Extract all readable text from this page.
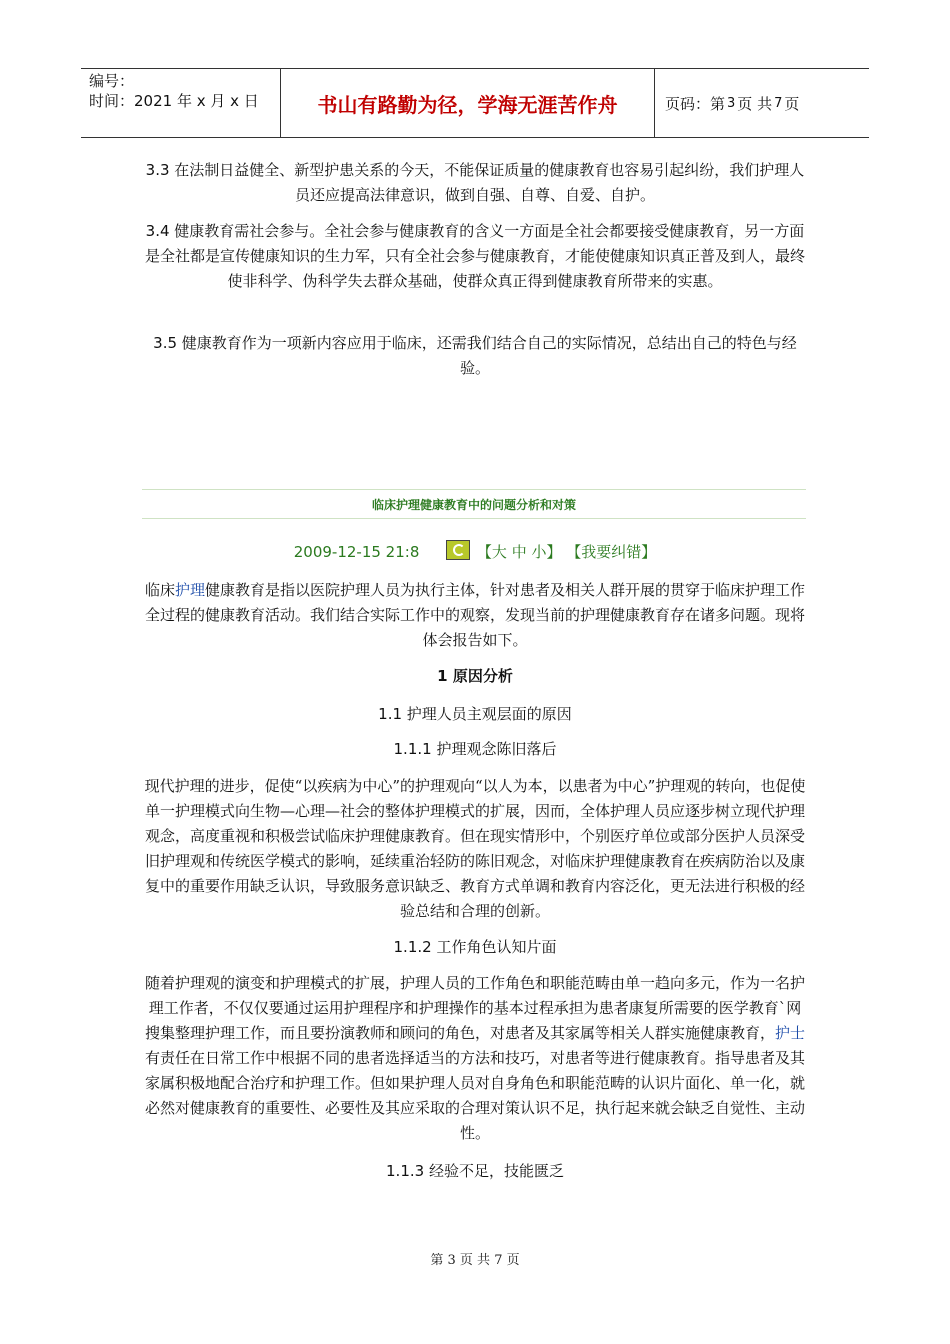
编号：
时间：2021 年 x 月 x 日	书山有路勤为径，学海无涯苦作舟	页码：第 3 页 共 7 页

3.3 在法制日益健全、新型护患关系的今天，不能保证质量的健康教育也容易引起纠纷，我们护理人员还应提高法律意识，做到自强、自尊、自爱、自护。

3.4 健康教育需社会参与。全社会参与健康教育的含义一方面是全社会都要接受健康教育，另一方面是全社都是宣传健康知识的生力军，只有全社会参与健康教育，才能使健康知识真正普及到人，最终使非科学、伪科学失去群众基础，使群众真正得到健康教育所带来的实惠。

3.5 健康教育作为一项新内容应用于临床，还需我们结合自己的实际情况，总结出自己的特色与经验。

临床护理健康教育中的问题分析和对策
2009-12-15 21:8	【大 中 小】 【我要纠错】

临床护理健康教育是指以医院护理人员为执行主体，针对患者及相关人群开展的贯穿于临床护理工作全过程的健康教育活动。我们结合实际工作中的观察，发现当前的护理健康教育存在诸多问题。现将体会报告如下。

1 原因分析

1.1 护理人员主观层面的原因

1.1.1 护理观念陈旧落后

现代护理的进步，促使“以疾病为中心”的护理观向“以人为本，以患者为中心”护理观的转向，也促使单一护理模式向生物—心理—社会的整体护理模式的扩展，因而，全体护理人员应逐步树立现代护理观念，高度重视和积极尝试临床护理健康教育。但在现实情形中，个别医疗单位或部分医护人员深受旧护理观和传统医学模式的影响，延续重治轻防的陈旧观念，对临床护理健康教育在疾病防治以及康复中的重要作用缺乏认识，导致服务意识缺乏、教育方式单调和教育内容泛化，更无法进行积极的经验总结和合理的创新。

1.1.2 工作角色认知片面

随着护理观的演变和护理模式的扩展，护理人员的工作角色和职能范畴由单一趋向多元，作为一名护理工作者，不仅仅要通过运用护理程序和护理操作的基本过程承担为患者康复所需要的医学教育`网搜集整理护理工作，而且要扮演教师和顾问的角色，对患者及其家属等相关人群实施健康教育，护士有责任在日常工作中根据不同的患者选择适当的方法和技巧，对患者等进行健康教育。指导患者及其家属积极地配合治疗和护理工作。但如果护理人员对自身角色和职能范畴的认识片面化、单一化，就必然对健康教育的重要性、必要性及其应采取的合理对策认识不足，执行起来就会缺乏自觉性、主动性。

1.1.3 经验不足，技能匮乏

第 3 页 共 7 页
